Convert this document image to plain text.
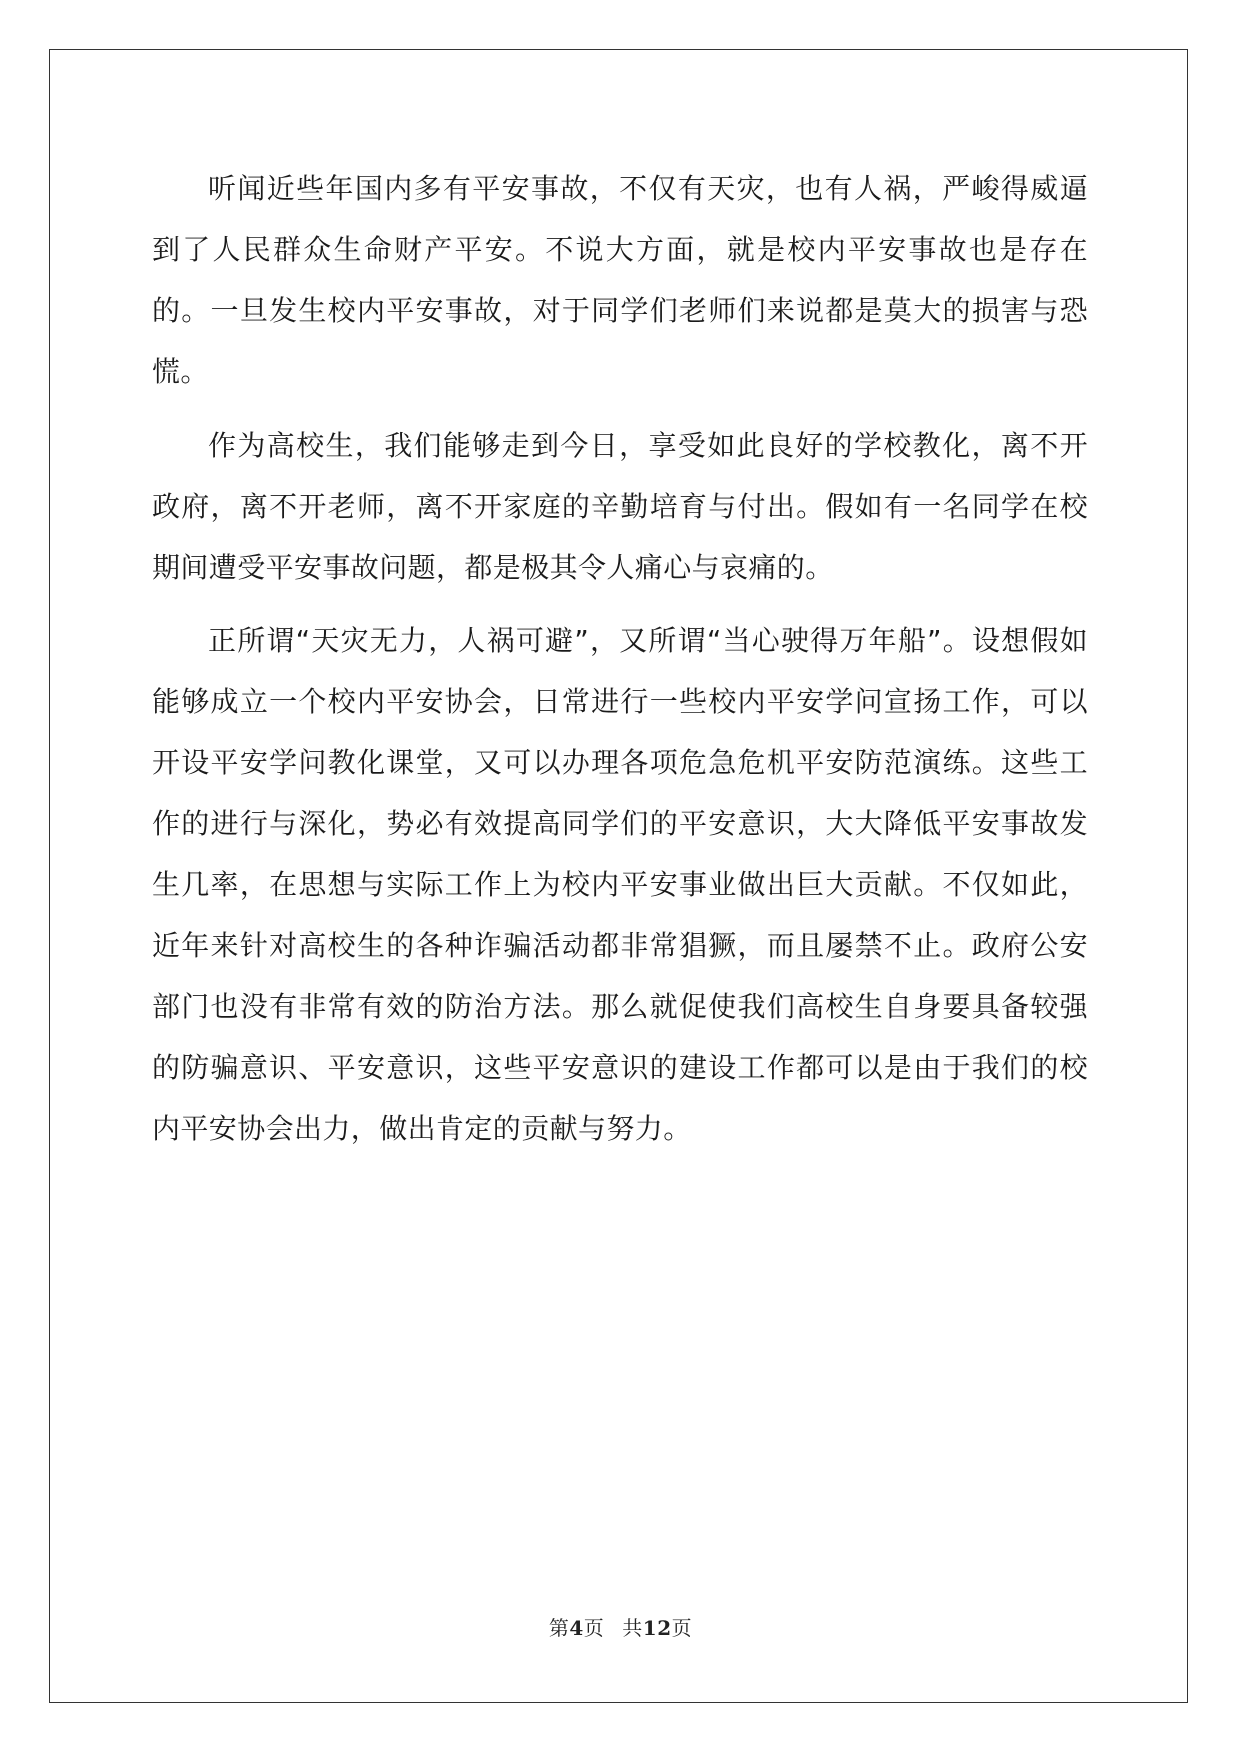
听闻近些年国内多有平安事故，不仅有天灾，也有人祸，严峻得威逼到了人民群众生命财产平安。不说大方面，就是校内平安事故也是存在的。一旦发生校内平安事故，对于同学们老师们来说都是莫大的损害与恐慌。

作为高校生，我们能够走到今日，享受如此良好的学校教化，离不开政府，离不开老师，离不开家庭的辛勤培育与付出。假如有一名同学在校期间遭受平安事故问题，都是极其令人痛心与哀痛的。

正所谓“天灾无力，人祸可避”，又所谓“当心驶得万年船”。设想假如能够成立一个校内平安协会，日常进行一些校内平安学问宣扬工作，可以开设平安学问教化课堂，又可以办理各项危急危机平安防范演练。这些工作的进行与深化，势必有效提高同学们的平安意识，大大降低平安事故发生几率，在思想与实际工作上为校内平安事业做出巨大贡献。不仅如此，近年来针对高校生的各种诈骗活动都非常猖獗，而且屡禁不止。政府公安部门也没有非常有效的防治方法。那么就促使我们高校生自身要具备较强的防骗意识、平安意识，这些平安意识的建设工作都可以是由于我们的校内平安协会出力，做出肯定的贡献与努力。

第4页 共12页
